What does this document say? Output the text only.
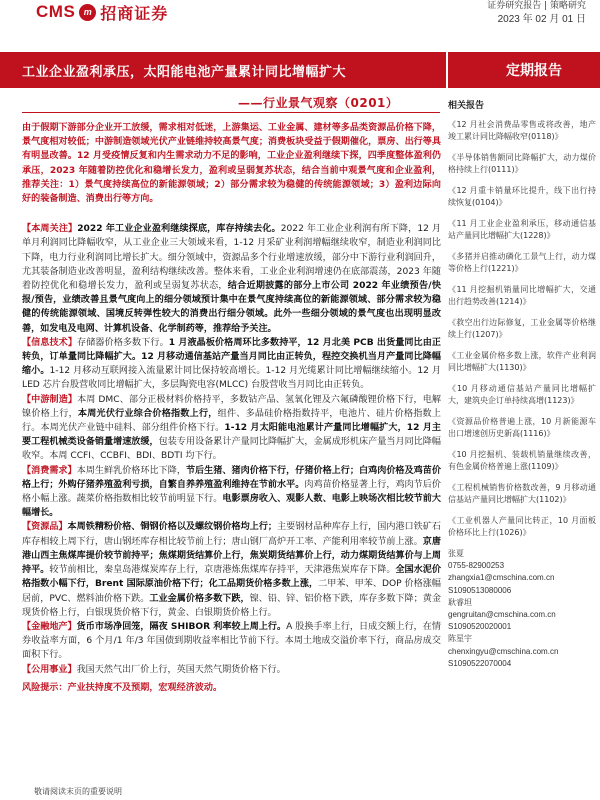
CMS m 招商证券	证券研究报告 | 策略研究
2023 年 02 月 01 日
工业企业盈利承压，太阳能电池产量累计同比增幅扩大	定期报告
——行业景气观察（0201）

由于假期下游部分企业开工放缓，需求相对低迷，上游集运、工业金属、建材等多品类资源品价格下降，景气度相对较低；中游制造领域光伏产业链维持较高景气度；消费板块受益于假期催化，票房、出行等具有明显改善。12 月受疫情反复和内生需求动力不足的影响，工业企业盈利继续下探，四季度整体盈利仍承压，2023 年随着防控优化和稳增长发力，盈利或呈弱复苏状态，结合当前中观景气度和企业盈利，推荐关注：1）景气度持续高位的新能源领域；2）部分需求较为稳健的传统能源领域；3）盈利边际向好的装备制造、消费出行等方向。

【本周关注】2022 年工业企业盈利继续探底，库存持续去化。2022 年工业企业利润有所下降，12 月单月利润同比降幅收窄，从工业企业三大领域来看，1-12 月采矿业利润增幅继续收窄，制造业利润同比下降，电力行业利润同比增长扩大。细分领域中，资源品多个行业增速放缓，部分中下游行业利润回升，尤其装备制造业改善明显，盈利结构继续改善。整体来看，工业企业利润增速仍在底部震荡，2023 年随着防控优化和稳增长发力，盈利或呈弱复苏状态，结合近期披露的部分上市公司 2022 年业绩预告/快报/预告，业绩改善且景气度向上的细分领域预计集中在景气度持续高位的新能源领域、部分需求较为稳健的传统能源领域、国境反转弹性较大的消费出行细分领域。此外一些细分领域的景气度也出现明显改善，如发电及电网、计算机设备、化学制药等，推荐给予关注。

【信息技术】存储器价格多数下行。1 月液晶板价格周环比多数持平，12 月北美 PCB 出货量同比由正转负，订单量同比降幅扩大。12 月移动通信基站产量当月同比由正转负，程控交换机当月产量同比降幅缩小。1-12 月移动互联网接入流量累计同比保持较高增长。1-12 月光缆累计同比增幅继续缩小。12 月 LED 芯片台股营收同比增幅扩大，多层陶瓷电容(MLCC) 台股营收当月同比由正转负。

【中游制造】本周 DMC、部分正极材料价格持平，多数钴产品、氢氧化锂及六氟磷酸锂价格下行，电解镍价格上行，本周光伏行业综合价格指数上行，组件、多晶硅价格指数持平，电池片、硅片价格指数上行。本周光伏产业链中硅料、部分组件价格下行。1-12 月太阳能电池累计产量同比增幅扩大，12 月主要工程机械类设备销量增速放缓，包装专用设备累计产量同比降幅扩大，金属成形机床产量当月同比降幅收窄。本周 CCFI、CCBFI、BDI、BDTI 均下行。

【消费需求】本周生鲜乳价格环比下降，节后生猪、猪肉价格下行，仔猪价格上行；白鸡肉价格及鸡苗价格上行；外购仔猪养殖盈利亏损，自繁自养养殖盈利维持在节前水平。肉鸡苗价格显著上行，鸡肉节后价格小幅上涨。蔬菜价格指数相比较节前明显下行。电影票房收入、观影人数、电影上映场次相比较节前大幅增长。

【资源品】本周铁精粉价格、铜钢价格以及螺纹钢价格均上行；主要钢材品种库存上行，国内港口铁矿石库存相较上周下行，唐山钢坯库存相比较节前上行；唐山钢厂高炉开工率、产能利用率较节前上涨。京唐港山西主焦煤库提价较节前持平；焦煤期货结算价上行，焦炭期货结算价上行，动力煤期货结算价与上周持平。较节前相比，秦皇岛港煤炭库存上行，京唐港炼焦煤库存持平，天津港焦炭库存下降。全国水泥价格指数小幅下行，Brent 国际原油价格下行；化工品期货价格多数上涨，二甲苯、甲苯、DOP 价格涨幅居前，PVC、燃料油价格下跌。工业金属价格多数下跌，镍、铅、锌、铝价格下跌，库存多数下降；黄金现货价格上行，白银现货价格下行，黄金、白银期货价格上行。

【金融地产】货币市场净回笼，隔夜 SHIBOR 利率较上周上行。A 股换手率上行，日成交额上行，在情券收益率方面，6 个月/1 年/3 年国债到期收益率相比节前下行。本周土地成交溢价率下行，商品房成交面积下行。

【公用事业】我国天然气出厂价上行，英国天然气期货价格下行。

风险提示：产业扶持度不及预期，宏观经济波动。
相关报告
《12 月社会消费品零售或将改善，地产竣工累计同比降幅收窄(0118)》
《半导体销售额同比降幅扩大，动力煤价格持续上行(0111)》
《12 月重卡销量环比提升，线下出行持续恢复(0104)》
《11 月工业企业盈利承压，移动通信基站产量同比增幅扩大(1228)》
《多猪并启推动磷化工景气上行，动力煤等价格上行(1221)》
《11 月挖掘机销量同比增幅扩大，交通出行趋势改善(1214)》
《救空出行边际修复，工业金属等价格继续上行(1207)》
《工业金属价格多数上涨，软件产业利润同比增幅扩大(1130)》
《10 月移动通信基站产量同比增幅扩大，建筑央企订单持续高增(1123)》
《资源品价格普遍上涨，10 月新能源车出口增速创历史新高(1116)》
《10 月挖掘机、装载机销量继续改善，有色金属价格普遍上涨(1109)》
《工程机械销售价格数改善，9 月移动通信基站产量同比增幅扩大(1102)》
《工业机器人产量同比转正，10 月面板价格环比上行(1026)》
张夏
0755-82900253
zhangxia1@cmschina.com.cn
S1090513080006
耿睿坦
gengruitan@cmschina.com.cn
S1090520020001
陈星宇
chenxingyu@cmschina.com.cn
S1090522070004
敬请阅读末页的重要说明
